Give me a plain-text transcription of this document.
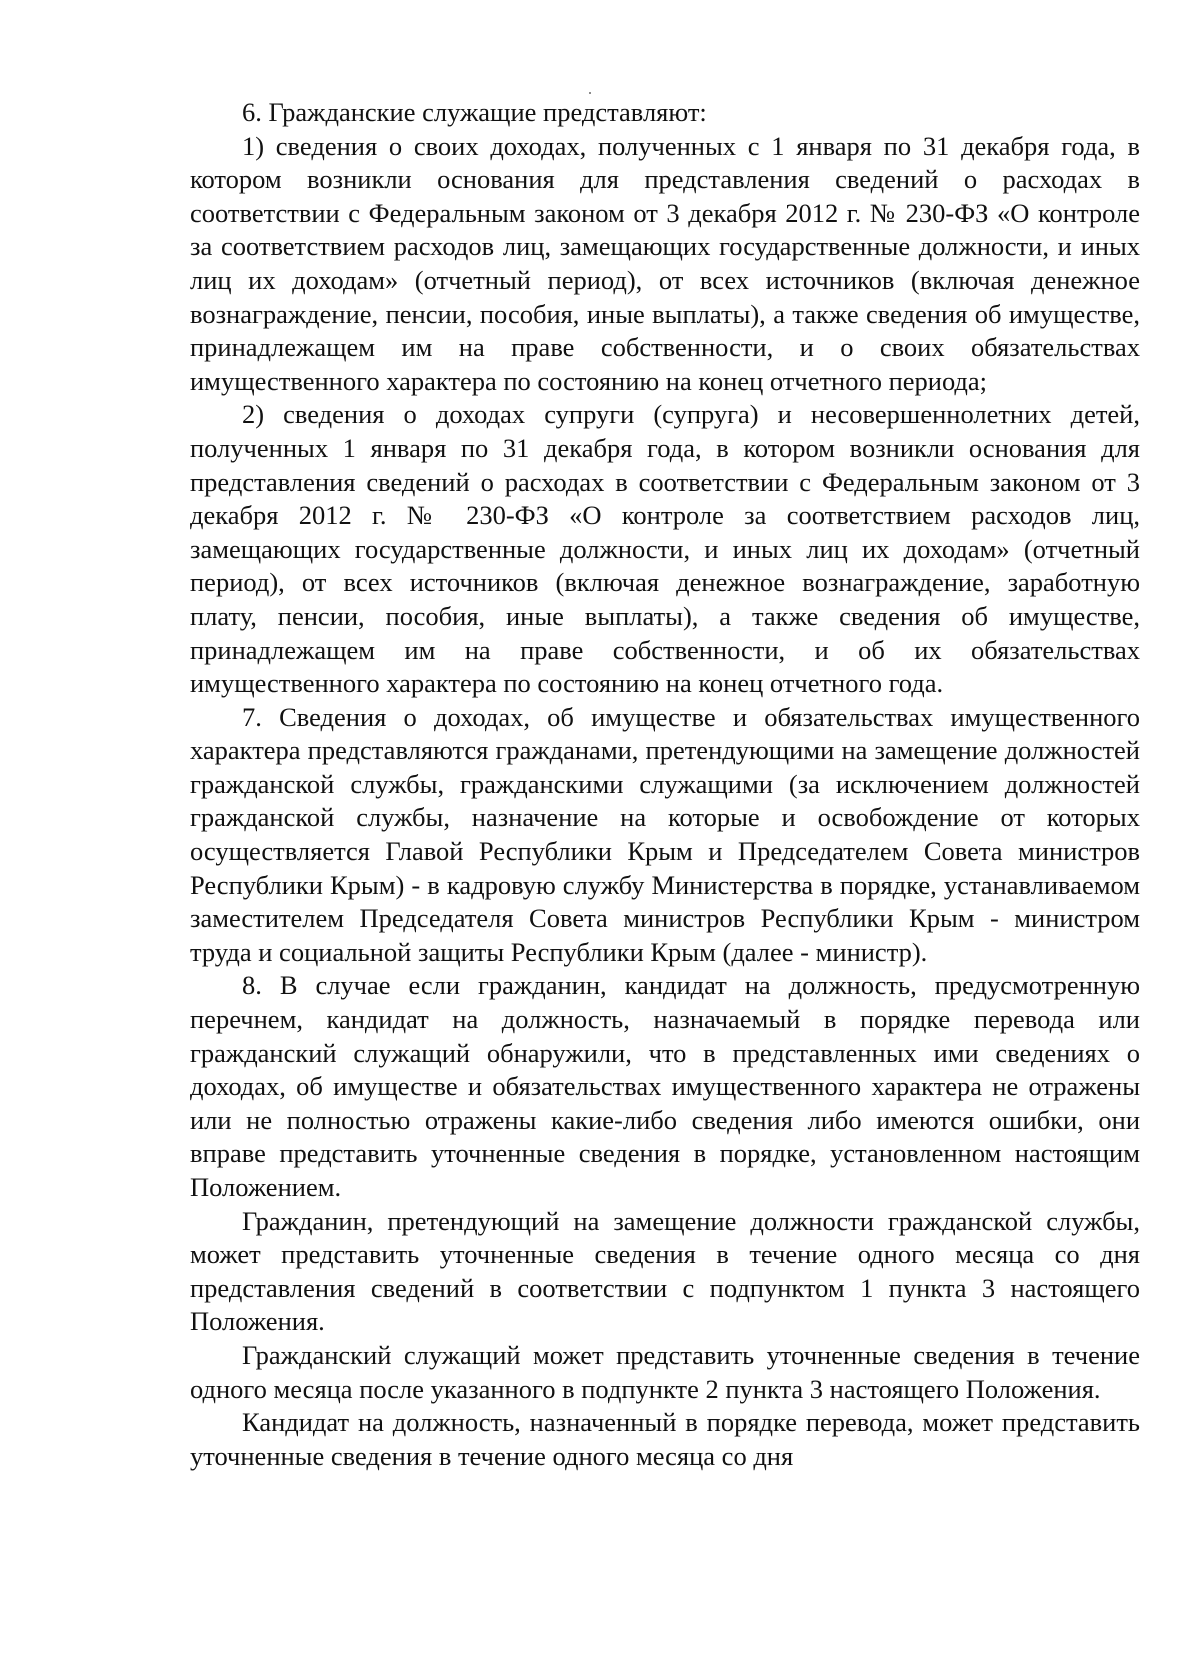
6. Гражданские служащие представляют:

1) сведения о своих доходах, полученных с 1 января по 31 декабря года, в котором возникли основания для представления сведений о расходах в соответствии с Федеральным законом от 3 декабря 2012 г. № 230-ФЗ «О контроле за соответствием расходов лиц, замещающих государственные должности, и иных лиц их доходам» (отчетный период), от всех источников (включая денежное вознаграждение, пенсии, пособия, иные выплаты), а также сведения об имуществе, принадлежащем им на праве собственности, и о своих обязательствах имущественного характера по состоянию на конец отчетного периода;

2) сведения о доходах супруги (супруга) и несовершеннолетних детей, полученных 1 января по 31 декабря года, в котором возникли основания для представления сведений о расходах в соответствии с Федеральным законом от 3 декабря 2012 г. № 230-ФЗ «О контроле за соответствием расходов лиц, замещающих государственные должности, и иных лиц их доходам» (отчетный период), от всех источников (включая денежное вознаграждение, заработную плату, пенсии, пособия, иные выплаты), а также сведения об имуществе, принадлежащем им на праве собственности, и об их обязательствах имущественного характера по состоянию на конец отчетного года.

7. Сведения о доходах, об имуществе и обязательствах имущественного характера представляются гражданами, претендующими на замещение должностей гражданской службы, гражданскими служащими (за исключением должностей гражданской службы, назначение на которые и освобождение от которых осуществляется Главой Республики Крым и Председателем Совета министров Республики Крым) - в кадровую службу Министерства в порядке, устанавливаемом заместителем Председателя Совета министров Республики Крым - министром труда и социальной защиты Республики Крым (далее - министр).

8. В случае если гражданин, кандидат на должность, предусмотренную перечнем, кандидат на должность, назначаемый в порядке перевода или гражданский служащий обнаружили, что в представленных ими сведениях о доходах, об имуществе и обязательствах имущественного характера не отражены или не полностью отражены какие-либо сведения либо имеются ошибки, они вправе представить уточненные сведения в порядке, установленном настоящим Положением.

Гражданин, претендующий на замещение должности гражданской службы, может представить уточненные сведения в течение одного месяца со дня представления сведений в соответствии с подпунктом 1 пункта 3 настоящего Положения.

Гражданский служащий может представить уточненные сведения в течение одного месяца после указанного в подпункте 2 пункта 3 настоящего Положения.

Кандидат на должность, назначенный в порядке перевода, может представить уточненные сведения в течение одного месяца со дня
